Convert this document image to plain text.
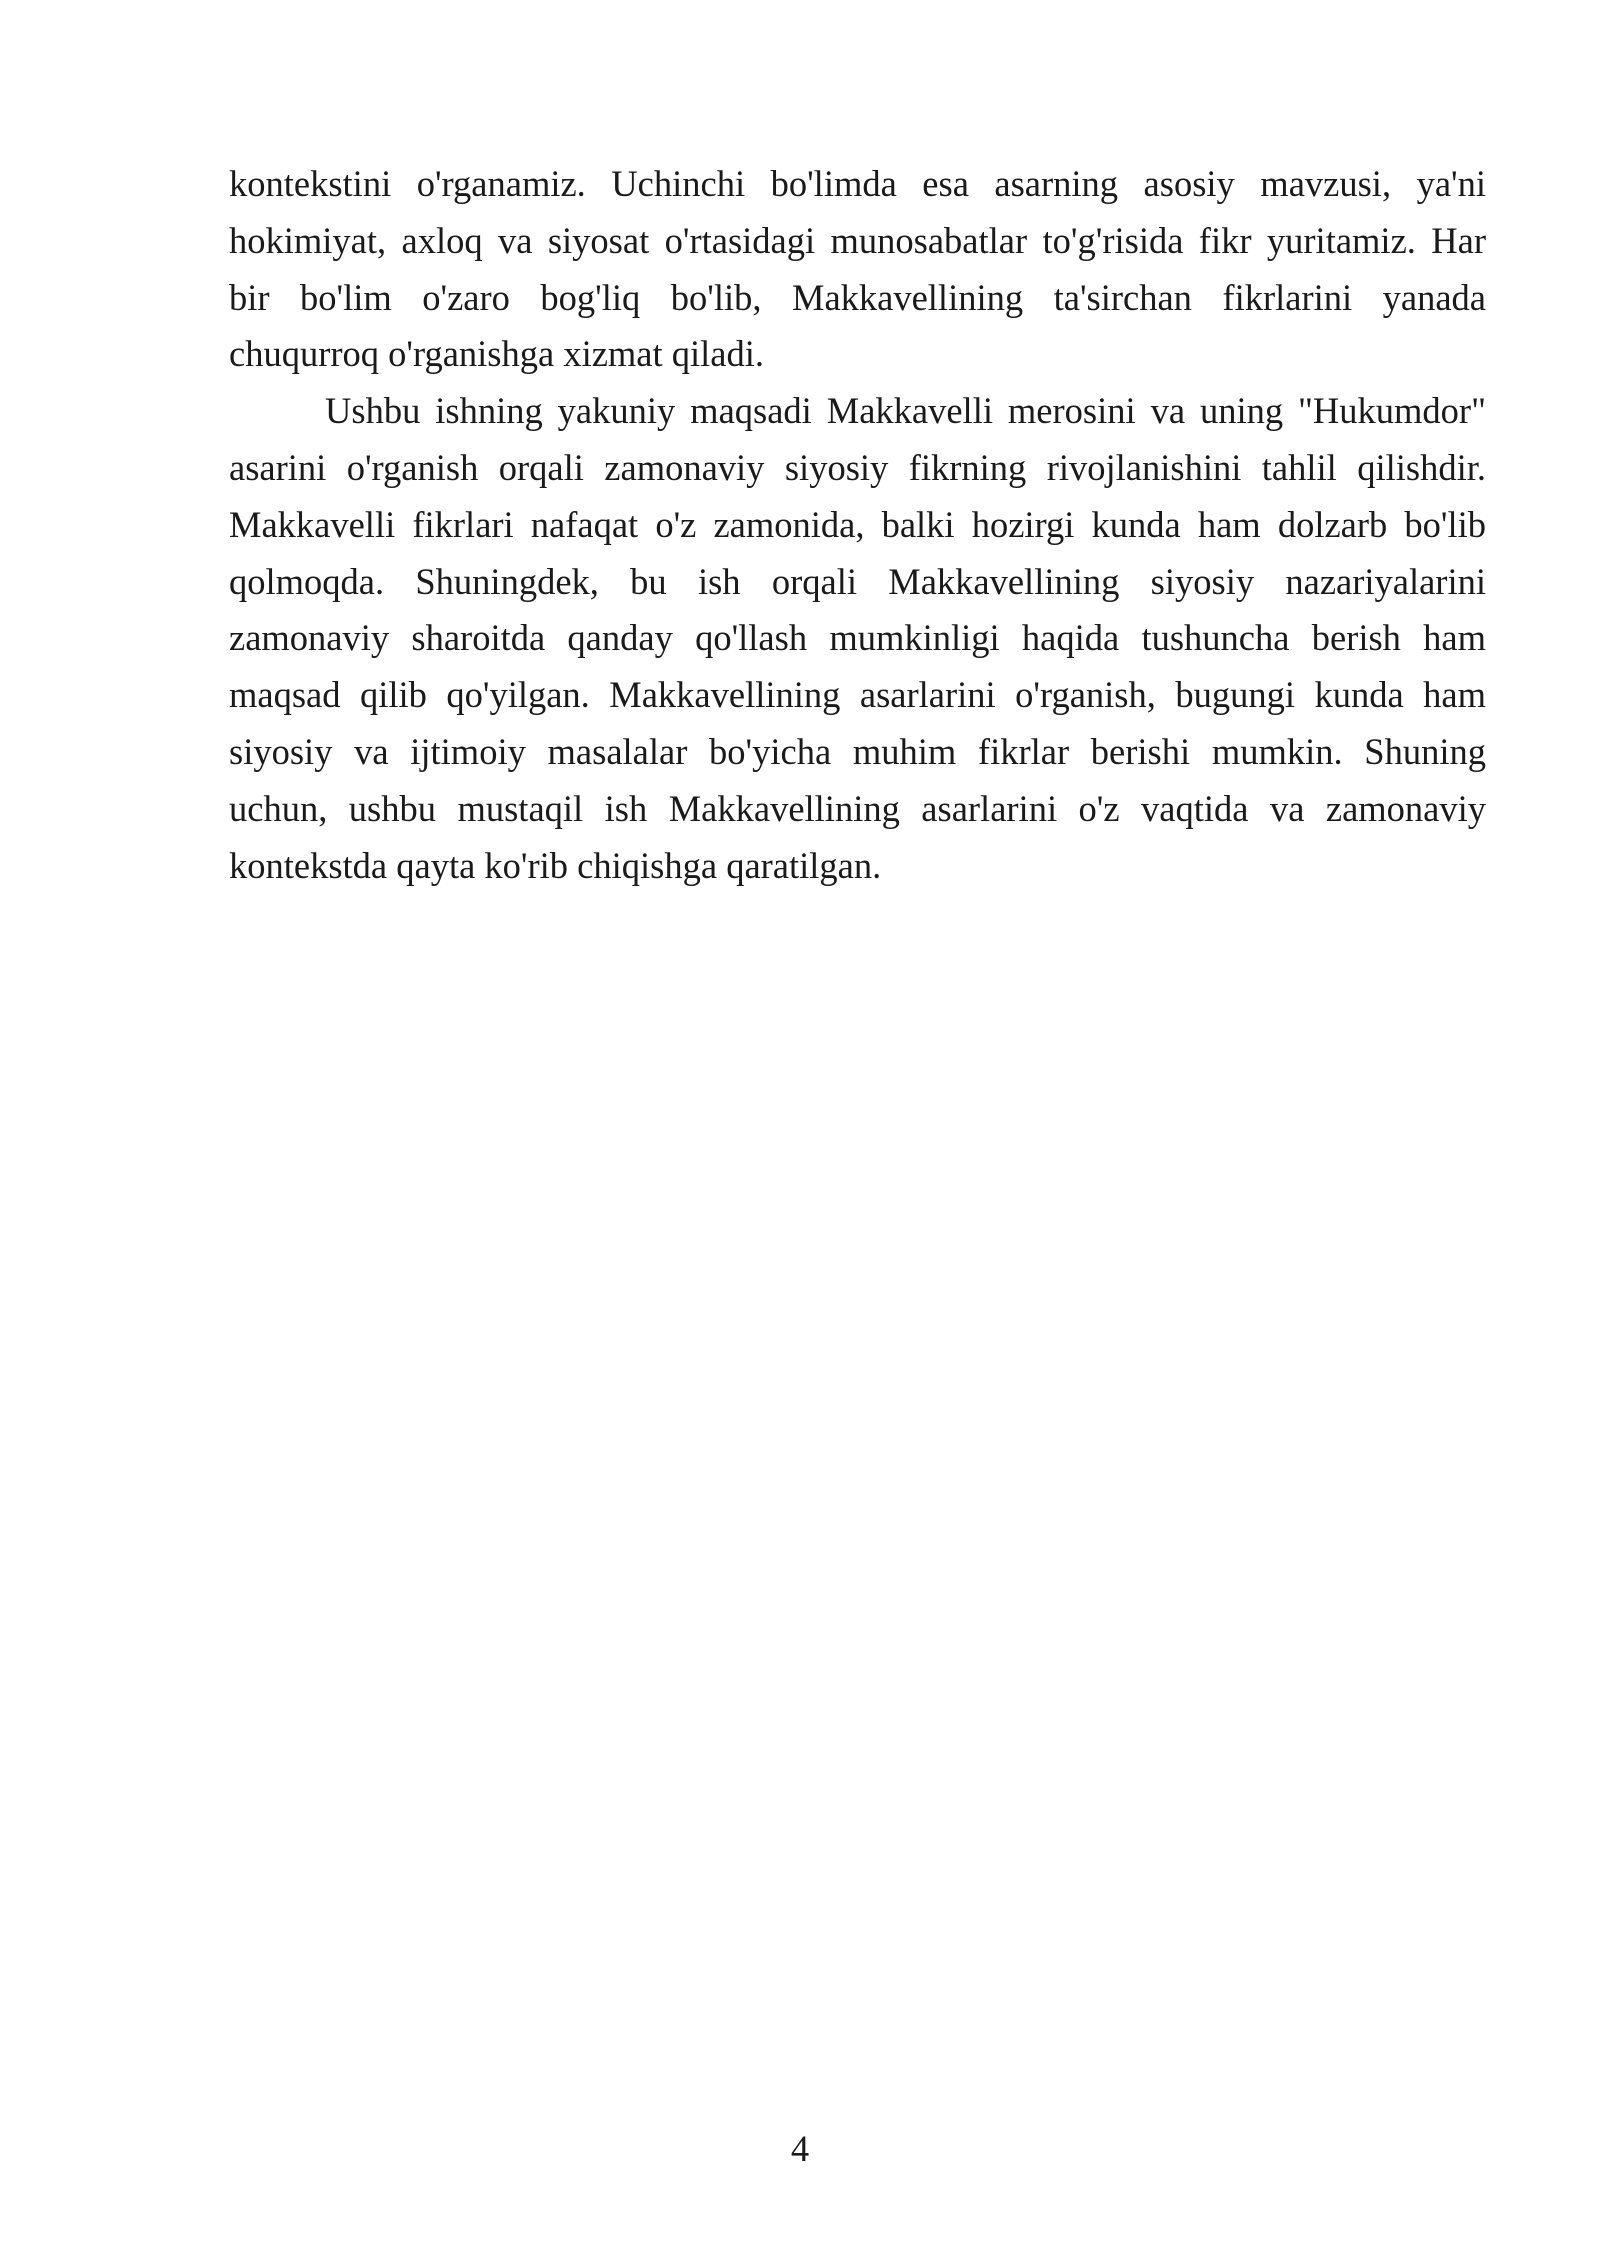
kontekstini o'rganamiz. Uchinchi bo'limda esa asarning asosiy mavzusi, ya'ni
hokimiyat, axloq va siyosat o'rtasidagi munosabatlar to'g'risida fikr yuritamiz. Har
bir bo'lim o'zaro bog'liq bo'lib, Makkavellining ta'sirchan fikrlarini yanada
chuqurroq o'rganishga xizmat qiladi.
Ushbu ishning yakuniy maqsadi Makkavelli merosini va uning "Hukumdor"
asarini o'rganish orqali zamonaviy siyosiy fikrning rivojlanishini tahlil qilishdir.
Makkavelli fikrlari nafaqat o'z zamonida, balki hozirgi kunda ham dolzarb bo'lib
qolmoqda. Shuningdek, bu ish orqali Makkavellining siyosiy nazariyalarini
zamonaviy sharoitda qanday qo'llash mumkinligi haqida tushuncha berish ham
maqsad qilib qo'yilgan. Makkavellining asarlarini o'rganish, bugungi kunda ham
siyosiy va ijtimoiy masalalar bo'yicha muhim fikrlar berishi mumkin. Shuning
uchun, ushbu mustaqil ish Makkavellining asarlarini o'z vaqtida va zamonaviy
kontekstda qayta ko'rib chiqishga qaratilgan.
4
